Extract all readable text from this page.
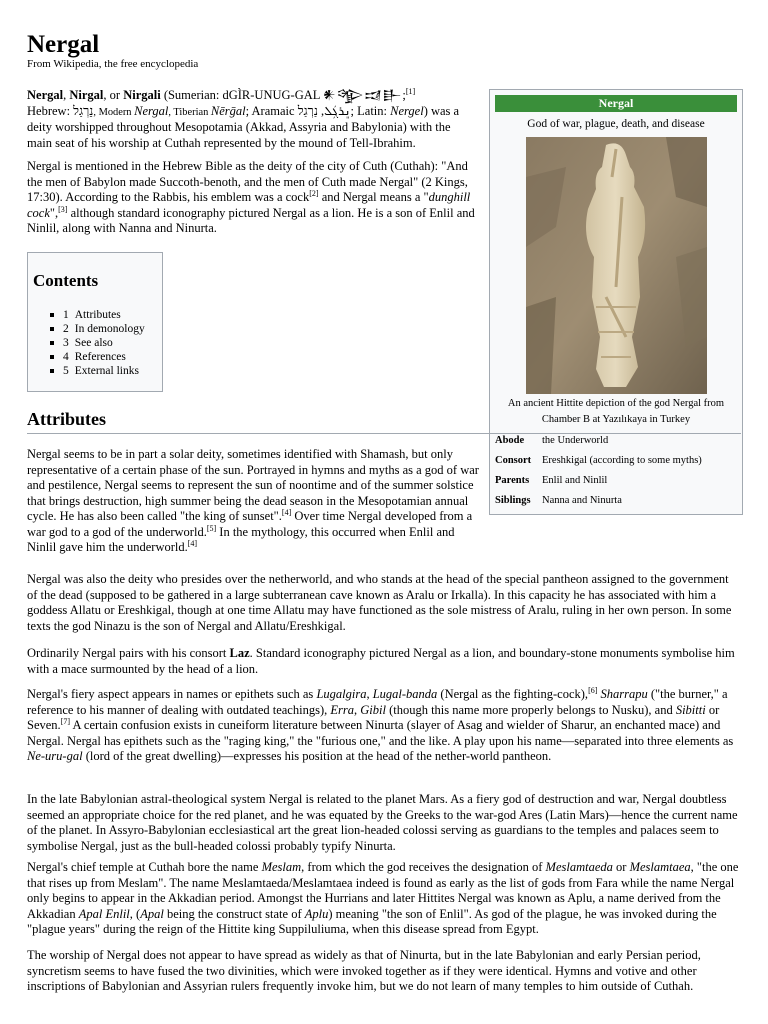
Nergal
From Wikipedia, the free encyclopedia

Nergal, Nirgal, or Nirgali (Sumerian: dGÌR-UNUG-GAL 𒀭𒄊𒀕𒃲;[1]
Hebrew: נֵרְגַל, Modern Nergal, Tiberian Nērḡal; Aramaic ܢܸܪܓܲܠ, נַרְגַל	; Latin: Nergel) was a deity worshipped throughout Mesopotamia (Akkad, Assyria and Babylonia) with the main seat of his worship at Cuthah represented by the mound of Tell-Ibrahim.

Nergal is mentioned in the Hebrew Bible as the deity of the city of Cuth (Cuthah): "And the men of Babylon made Succoth-benoth, and the men of Cuth made Nergal" (2 Kings, 17:30). According to the Rabbis, his emblem was a cock[2] and Nergal means a "dunghill cock",[3] although standard iconography pictured Nergal as a lion. He is a son of Enlil and Ninlil, along with Nanna and Ninurta.

Contents
1 Attributes
2 In demonology
3 See also
4 References
5 External links
Nergal
God of war, plague, death, and disease
An ancient Hittite depiction of the god Nergal from Chamber B at Yazılıkaya in Turkey
Abode the Underworld
Consort Ereshkigal (according to some myths)
Parents Enlil and Ninlil
Siblings Nanna and Ninurta
Attributes

Nergal seems to be in part a solar deity, sometimes identified with Shamash, but only representative of a certain phase of the sun. Portrayed in hymns and myths as a god of war and pestilence, Nergal seems to represent the sun of noontime and of the summer solstice that brings destruction, high summer being the dead season in the Mesopotamian annual cycle. He has also been called "the king of sunset".[4] Over time Nergal developed from a war god to a god of the underworld.[5] In the mythology, this occurred when Enlil and Ninlil gave him the underworld.[4]

Nergal was also the deity who presides over the netherworld, and who stands at the head of the special pantheon assigned to the government of the dead (supposed to be gathered in a large subterranean cave known as Aralu or Irkalla). In this capacity he has associated with him a goddess Allatu or Ereshkigal, though at one time Allatu may have functioned as the sole mistress of Aralu, ruling in her own person. In some texts the god Ninazu is the son of Nergal and Allatu/Ereshkigal.

Ordinarily Nergal pairs with his consort Laz. Standard iconography pictured Nergal as a lion, and boundary-stone monuments symbolise him with a mace surmounted by the head of a lion.

Nergal's fiery aspect appears in names or epithets such as Lugalgira, Lugal-banda (Nergal as the fighting-cock),[6] Sharrapu ("the burner," a reference to his manner of dealing with outdated teachings), Erra, Gibil (though this name more properly belongs to Nusku), and Sibitti or Seven.[7] A certain confusion exists in cuneiform literature between Ninurta (slayer of Asag and wielder of Sharur, an enchanted mace) and Nergal. Nergal has epithets such as the "raging king," the "furious one," and the like. A play upon his name—separated into three elements as Ne-uru-gal (lord of the great dwelling)—expresses his position at the head of the nether-world pantheon.

In the late Babylonian astral-theological system Nergal is related to the planet Mars. As a fiery god of destruction and war, Nergal doubtless seemed an appropriate choice for the red planet, and he was equated by the Greeks to the war-god Ares (Latin Mars)—hence the current name of the planet. In Assyro-Babylonian ecclesiastical art the great lion-headed colossi serving as guardians to the temples and palaces seem to symbolise Nergal, just as the bull-headed colossi probably typify Ninurta.

Nergal's chief temple at Cuthah bore the name Meslam, from which the god receives the designation of Meslamtaeda or Meslamtaea, "the one that rises up from Meslam". The name Meslamtaeda/Meslamtaea indeed is found as early as the list of gods from Fara while the name Nergal only begins to appear in the Akkadian period. Amongst the Hurrians and later Hittites Nergal was known as Aplu, a name derived from the Akkadian Apal Enlil, (Apal being the construct state of Aplu) meaning "the son of Enlil". As god of the plague, he was invoked during the "plague years" during the reign of the Hittite king Suppiluliuma, when this disease spread from Egypt.

The worship of Nergal does not appear to have spread as widely as that of Ninurta, but in the late Babylonian and early Persian period, syncretism seems to have fused the two divinities, which were invoked together as if they were identical. Hymns and votive and other inscriptions of Babylonian and Assyrian rulers frequently invoke him, but we do not learn of many temples to him outside of Cuthah.
